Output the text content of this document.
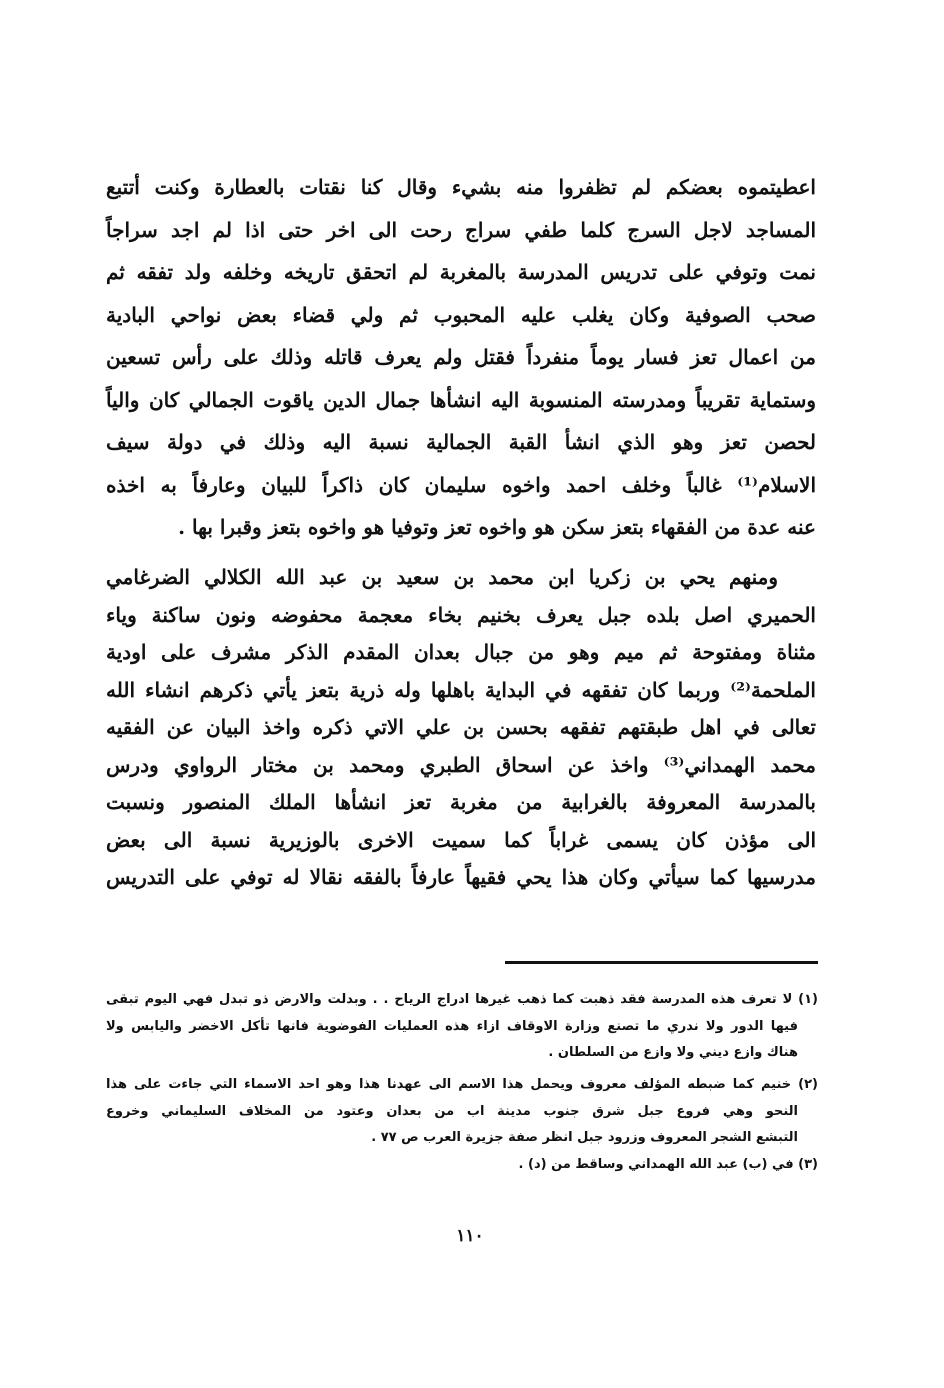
اعطيتموه بعضكم لم تظفروا منه بشيء وقال كنا نقتات بالعطارة وكنت أتتبع
المساجد لاجل السرج كلما طفي سراج رحت الى اخر حتى اذا لم اجد سراجاً
نمت وتوفي على تدريس المدرسة بالمغربة لم اتحقق تاريخه وخلفه ولد تفقه ثم
صحب الصوفية وكان يغلب عليه المحبوب ثم ولي قضاء بعض نواحي البادية
من اعمال تعز فسار يوماً منفرداً فقتل ولم يعرف قاتله وذلك على رأس تسعين
وستماية تقريباً ومدرسته المنسوبة اليه انشأها جمال الدين ياقوت الجمالي كان والياً
لحصن تعز وهو الذي انشأ القبة الجمالية نسبة اليه وذلك في دولة سيف
الاسلام⁽¹⁾ غالباً وخلف احمد واخوه سليمان كان ذاكراً للبيان وعارفاً به اخذه
عنه عدة من الفقهاء بتعز سكن هو واخوه تعز وتوفيا هو واخوه بتعز وقبرا بها .
ومنهم يحي بن زكريا ابن محمد بن سعيد بن عبد الله الكلالي الضرغامي
الحميري اصل بلده جبل يعرف بخنيم بخاء معجمة محفوضه ونون ساكنة وياء
مثناة ومفتوحة ثم ميم وهو من جبال بعدان المقدم الذكر مشرف على اودية
الملحمة⁽²⁾ وربما كان تفقهه في البداية باهلها وله ذرية بتعز يأتي ذكرهم انشاء الله
تعالى في اهل طبقتهم تفقهه بحسن بن علي الاتي ذكره واخذ البيان عن الفقيه
محمد الهمداني⁽³⁾ واخذ عن اسحاق الطبري ومحمد بن مختار الرواوي ودرس
بالمدرسة المعروفة بالغرابية من مغربة تعز انشأها الملك المنصور ونسبت
الى مؤذن كان يسمى غراباً كما سميت الاخرى بالوزيرية نسبة الى بعض
مدرسيها كما سيأتي وكان هذا يحي فقيهاً عارفاً بالفقه نقالا له توفي على التدريس
(١) لا تعرف هذه المدرسة فقد ذهبت كما ذهب غيرها ادراج الرياح . . وبدلت والارض ذو تبدل فهي اليوم تبقى
فيها الدور ولا ندري ما تصنع وزارة الاوقاف ازاء هذه العمليات الفوضوية فانها تأكل الاخضر واليابس ولا
هناك وازع ديني ولا وازع من السلطان .
(٢) خنيم كما ضبطه المؤلف معروف ويحمل هذا الاسم الى عهدنا هذا وهو احد الاسماء التي جاءت على هذا
النحو وهي فروع جبل شرق جنوب مدينة اب من بعدان وعتود من المخلاف السليماني وخروع
التبشع الشجر المعروف وزرود جبل انظر صفة جزيرة العرب ص ٧٧ .
(٣) في (ب) عبد الله الهمداني وساقط من (د) .
١١٠
